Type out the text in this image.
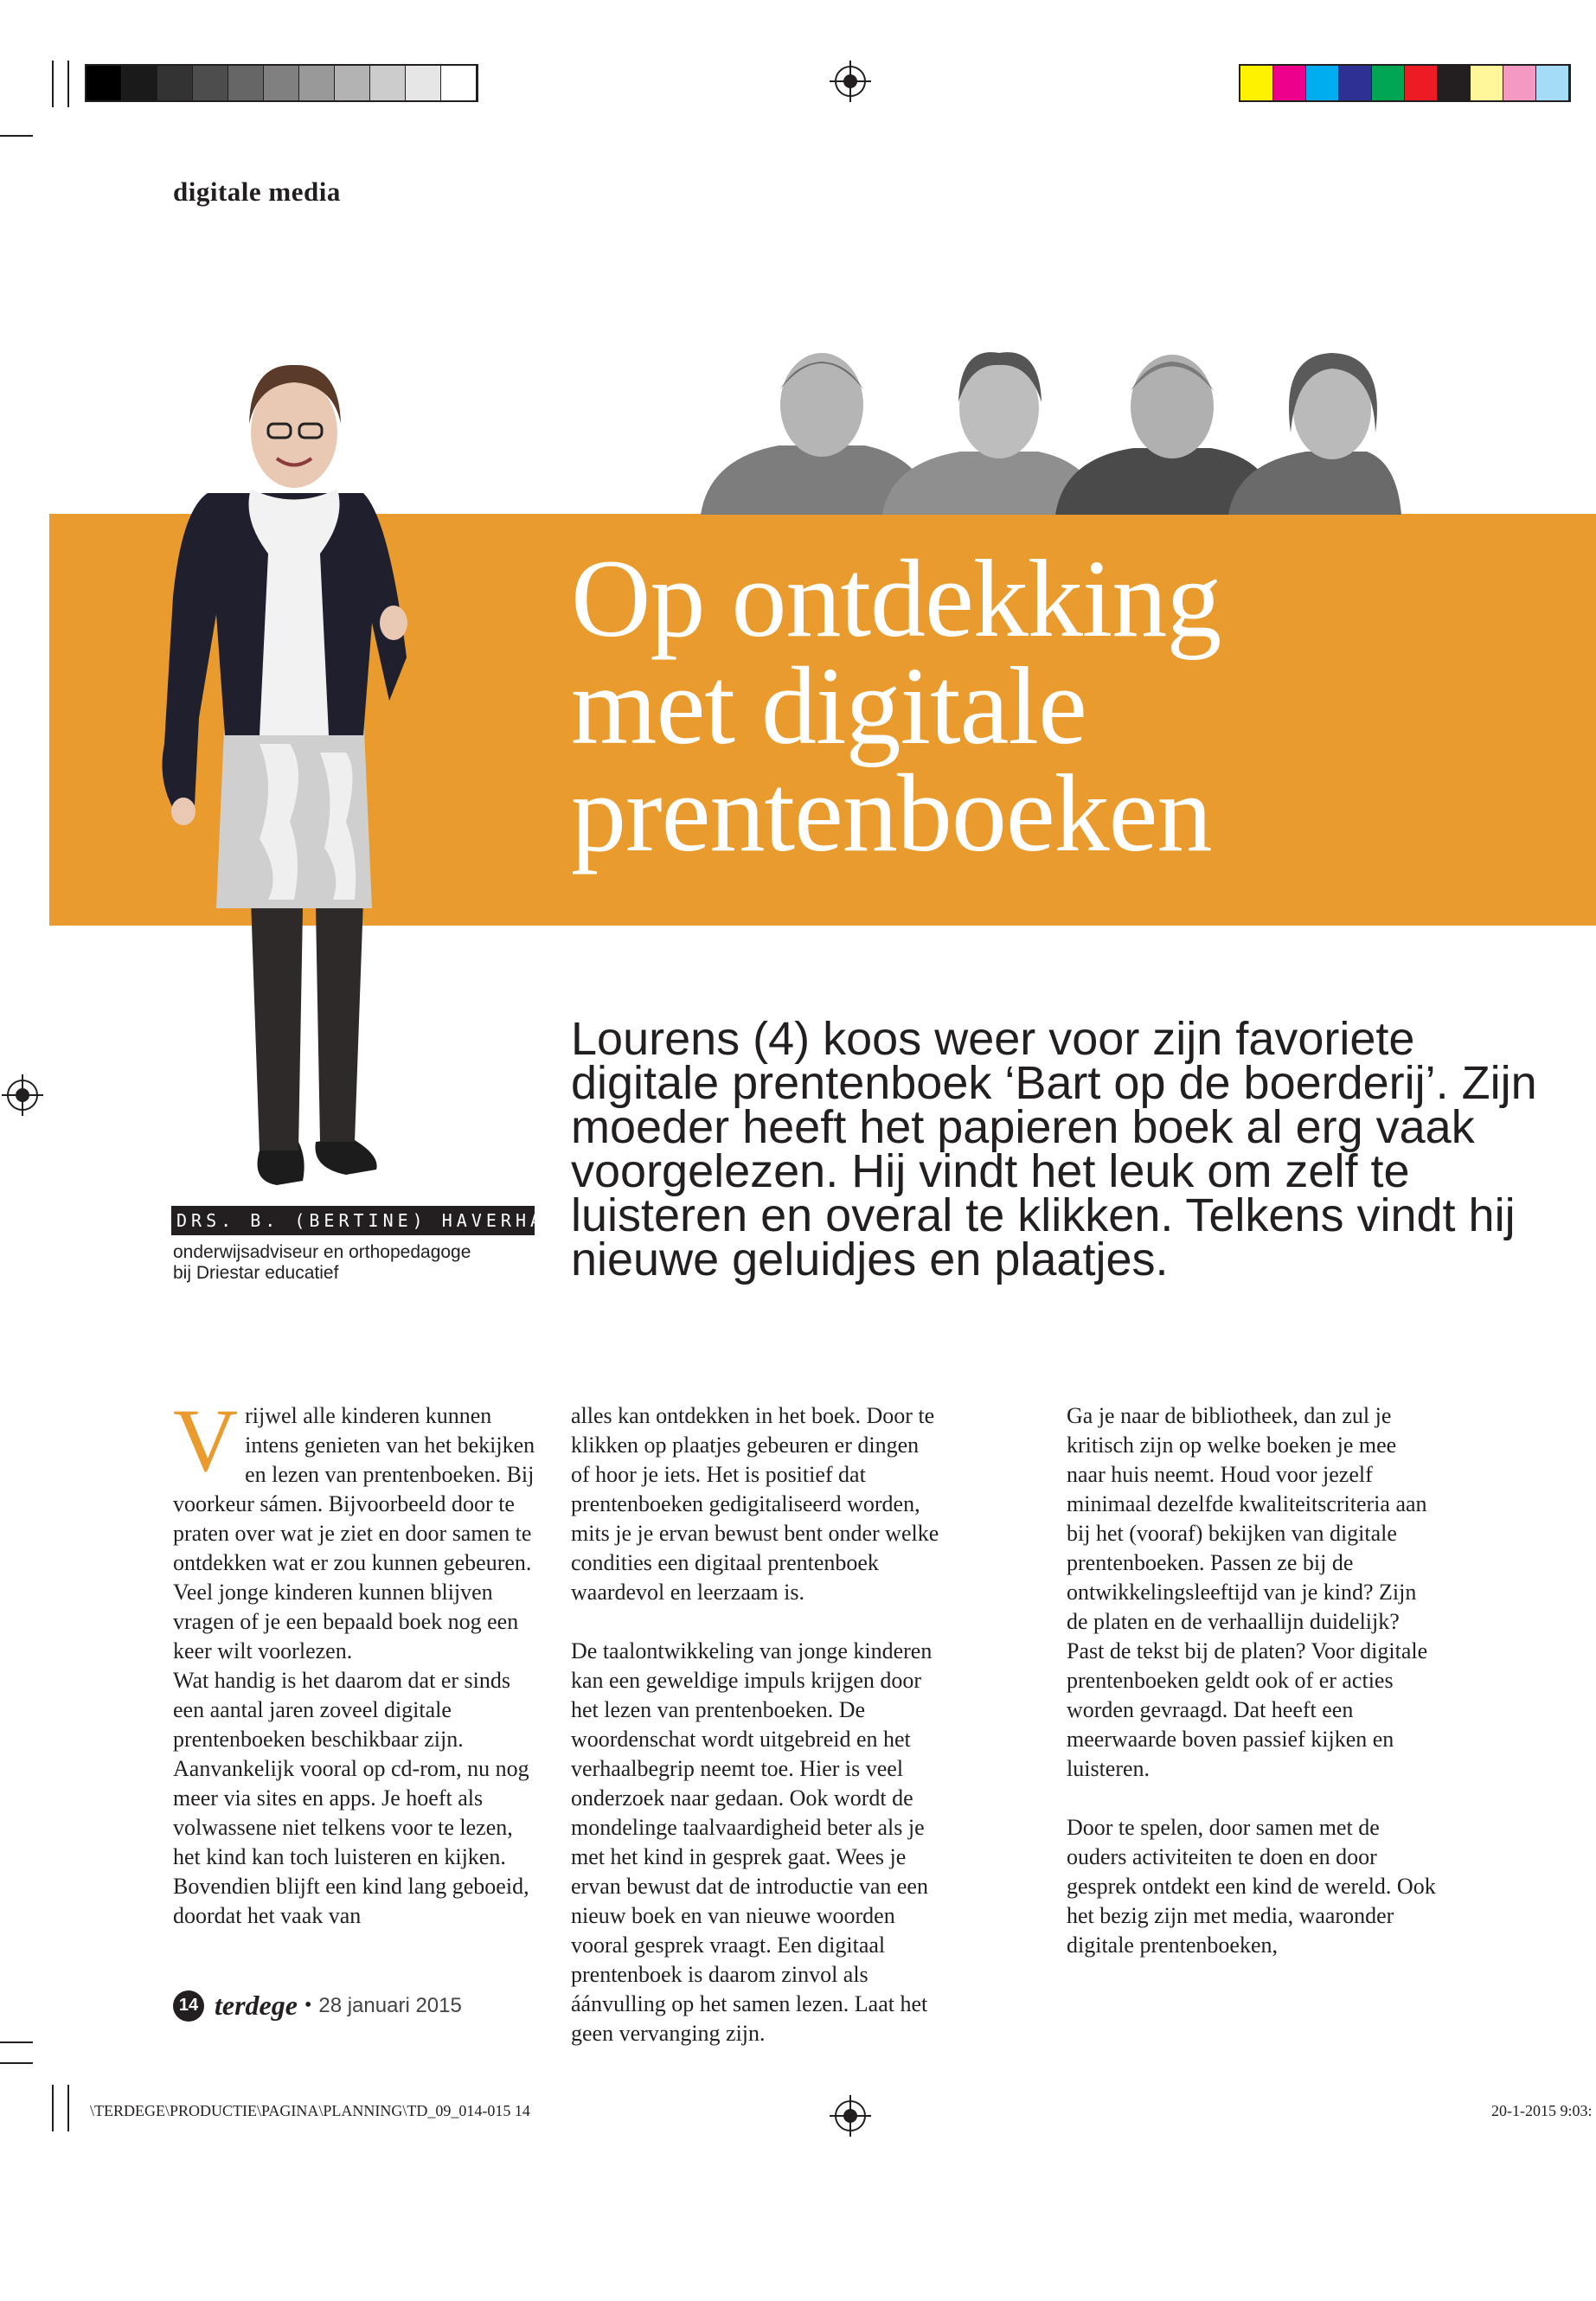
digitale media
Op ontdekking
met digitale
prentenboeken
DRS. B. (BERTINE) HAVERHALS
onderwijsadviseur en orthopedagoge
bij Driestar educatief

Lourens (4) koos weer voor zijn favoriete digitale prentenboek ‘Bart op de boerderij’. Zijn moeder heeft het papieren boek al erg vaak voorgelezen. Hij vindt het leuk om zelf te luisteren en overal te klikken. Telkens vindt hij nieuwe geluidjes en plaatjes.

Vrijwel alle kinderen kunnen intens genieten van het bekijken en lezen van prentenboeken. Bij voorkeur sámen. Bijvoorbeeld door te praten over wat je ziet en door samen te ontdekken wat er zou kunnen gebeuren. Veel jonge kinderen kunnen blijven vragen of je een bepaald boek nog een keer wilt voorlezen.

Wat handig is het daarom dat er sinds een aantal jaren zoveel digitale prentenboeken beschikbaar zijn. Aanvankelijk vooral op cd-rom, nu nog meer via sites en apps. Je hoeft als volwassene niet telkens voor te lezen, het kind kan toch luisteren en kijken. Bovendien blijft een kind lang geboeid, doordat het vaak van

alles kan ontdekken in het boek. Door te klikken op plaatjes gebeuren er dingen of hoor je iets. Het is positief dat prentenboeken gedigitaliseerd worden, mits je je ervan bewust bent onder welke condities een digitaal prentenboek waardevol en leerzaam is.

De taalontwikkeling van jonge kinderen kan een geweldige impuls krijgen door het lezen van prentenboeken. De woordenschat wordt uitgebreid en het verhaalbegrip neemt toe. Hier is veel onderzoek naar gedaan. Ook wordt de mondelinge taalvaardigheid beter als je met het kind in gesprek gaat. Wees je ervan bewust dat de introductie van een nieuw boek en van nieuwe woorden vooral gesprek vraagt. Een digitaal prentenboek is daarom zinvol als áánvulling op het samen lezen. Laat het geen vervanging zijn.

Ga je naar de bibliotheek, dan zul je kritisch zijn op welke boeken je mee naar huis neemt. Houd voor jezelf minimaal dezelfde kwaliteitscriteria aan bij het (vooraf) bekijken van digitale prentenboeken. Passen ze bij de ontwikkelingsleeftijd van je kind? Zijn de platen en de verhaallijn duidelijk? Past de tekst bij de platen? Voor digitale prentenboeken geldt ook of er acties worden gevraagd. Dat heeft een meerwaarde boven passief kijken en luisteren.

Door te spelen, door samen met de ouders activiteiten te doen en door gesprek ontdekt een kind de wereld. Ook het bezig zijn met media, waaronder digitale prentenboeken,

14 terdege • 28 januari 2015
\TERDEGE\PRODUCTIE\PAGINA\PLANNING\TD_09_014-015 14	20-1-2015 9:03:
